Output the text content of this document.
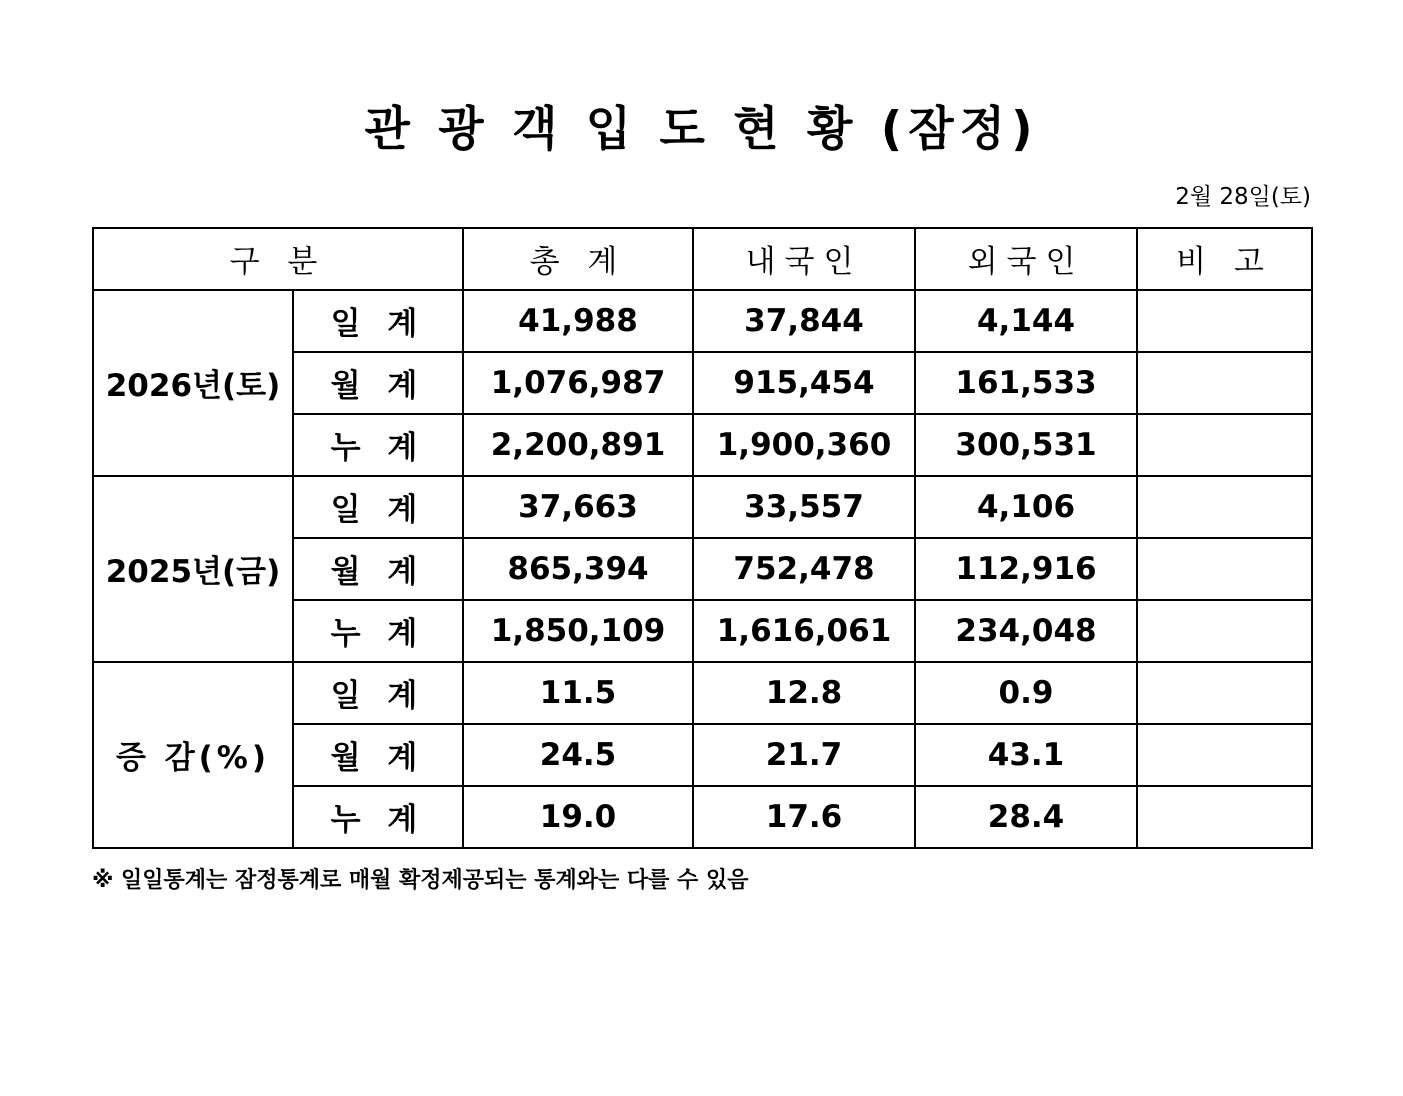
관 광 객 입 도 현 황 (잠정)
2월 28일(토)
구 분		총 계	내국인	외국인	비 고
2026년(토)	일 계	41,988	37,844	4,144	
	월 계	1,076,987	915,454	161,533	
	누 계	2,200,891	1,900,360	300,531	
2025년(금)	일 계	37,663	33,557	4,106	
	월 계	865,394	752,478	112,916	
	누 계	1,850,109	1,616,061	234,048	
증 감(%)	일 계	11.5	12.8	0.9	
	월 계	24.5	21.7	43.1	
	누 계	19.0	17.6	28.4	
※ 일일통계는 잠정통계로 매월 확정제공되는 통계와는 다를 수 있음
